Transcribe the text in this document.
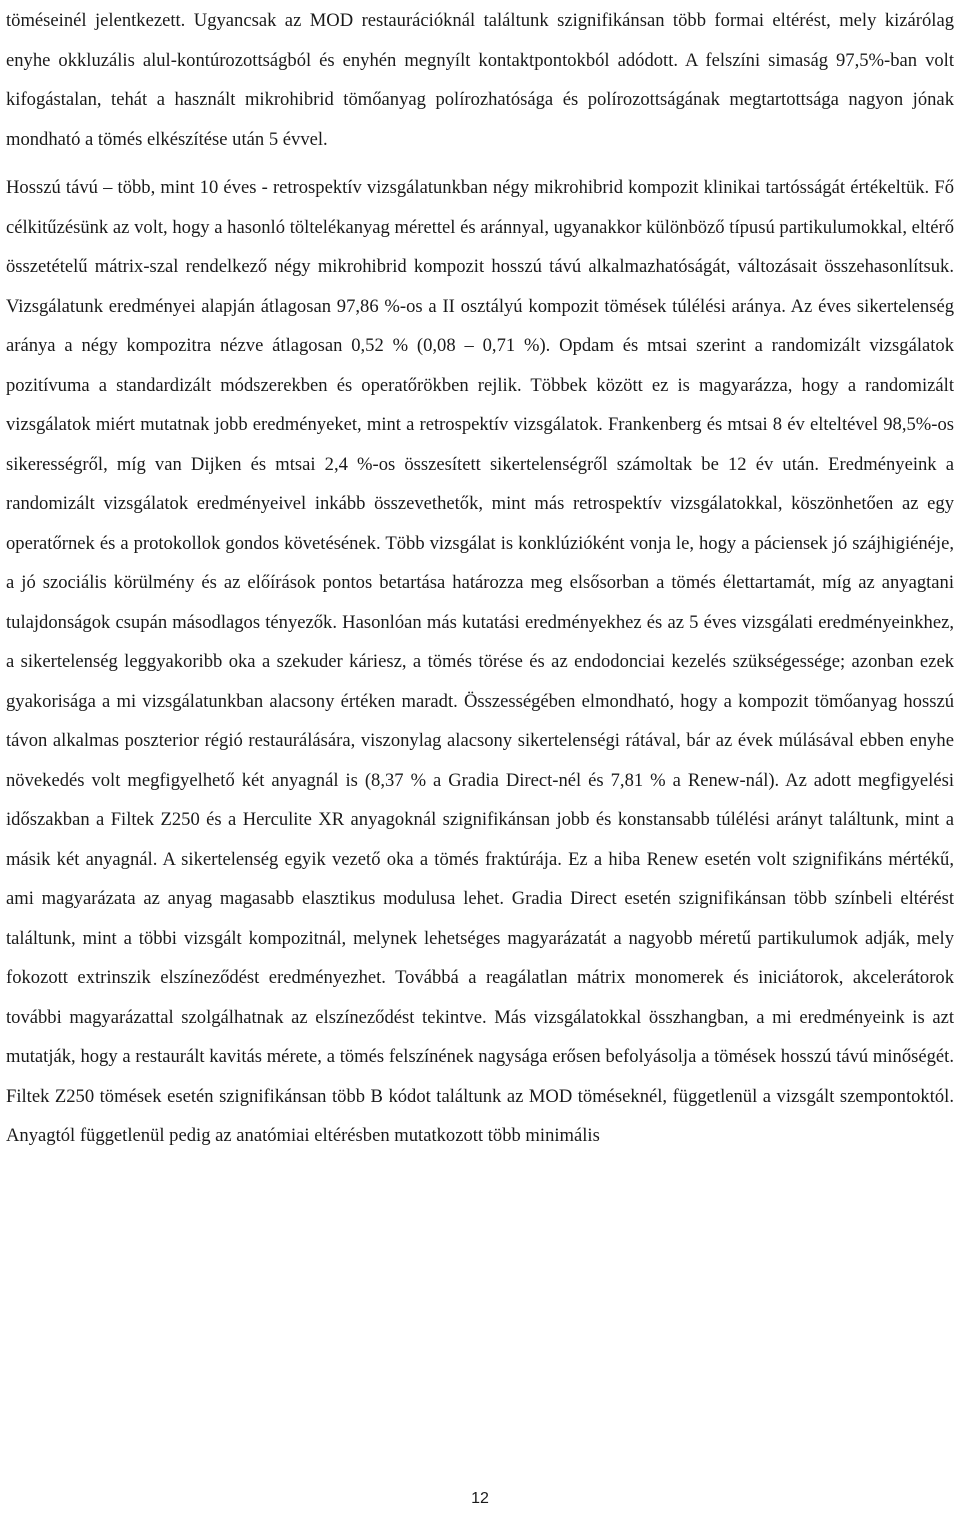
töméseinél jelentkezett. Ugyancsak az MOD restaurációknál találtunk szignifikánsan több formai eltérést, mely kizárólag enyhe okkluzális alul-kontúrozottságból és enyhén megnyílt kontaktpontokból adódott. A felszíni simaság 97,5%-ban volt kifogástalan, tehát a használt mikrohibrid tömőanyag polírozhatósága és polírozottságának megtartottsága nagyon jónak mondható a tömés elkészítése után 5 évvel.

Hosszú távú – több, mint 10 éves - retrospektív vizsgálatunkban négy mikrohibrid kompozit klinikai tartósságát értékeltük. Fő célkitűzésünk az volt, hogy a hasonló töltelékanyag mérettel és aránnyal, ugyanakkor különböző típusú partikulumokkal, eltérő összetételű mátrix-szal rendelkező négy mikrohibrid kompozit hosszú távú alkalmazhatóságát, változásait összehasonlítsuk. Vizsgálatunk eredményei alapján átlagosan 97,86 %-os a II osztályú kompozit tömések túlélési aránya. Az éves sikertelenség aránya a négy kompozitra nézve átlagosan 0,52 % (0,08 – 0,71 %). Opdam és mtsai szerint a randomizált vizsgálatok pozitívuma a standardizált módszerekben és operatőrökben rejlik. Többek között ez is magyarázza, hogy a randomizált vizsgálatok miért mutatnak jobb eredményeket, mint a retrospektív vizsgálatok. Frankenberg és mtsai 8 év elteltével 98,5%-os sikerességről, míg van Dijken és mtsai 2,4 %-os összesített sikertelenségről számoltak be 12 év után. Eredményeink a randomizált vizsgálatok eredményeivel inkább összevethetők, mint más retrospektív vizsgálatokkal, köszönhetően az egy operatőrnek és a protokollok gondos követésének. Több vizsgálat is konklúzióként vonja le, hogy a páciensek jó szájhigiénéje, a jó szociális körülmény és az előírások pontos betartása határozza meg elsősorban a tömés élettartamát, míg az anyagtani tulajdonságok csupán másodlagos tényezők. Hasonlóan más kutatási eredményekhez és az 5 éves vizsgálati eredményeinkhez, a sikertelenség leggyakoribb oka a szekuder káriesz, a tömés törése és az endodonciai kezelés szükségessége; azonban ezek gyakorisága a mi vizsgálatunkban alacsony értéken maradt. Összességében elmondható, hogy a kompozit tömőanyag hosszú távon alkalmas poszterior régió restaurálására, viszonylag alacsony sikertelenségi rátával, bár az évek múlásával ebben enyhe növekedés volt megfigyelhető két anyagnál is (8,37 % a Gradia Direct-nél és 7,81 % a Renew-nál). Az adott megfigyelési időszakban a Filtek Z250 és a Herculite XR anyagoknál szignifikánsan jobb és konstansabb túlélési arányt találtunk, mint a másik két anyagnál. A sikertelenség egyik vezető oka a tömés fraktúrája. Ez a hiba Renew esetén volt szignifikáns mértékű, ami magyarázata az anyag magasabb elasztikus modulusa lehet. Gradia Direct esetén szignifikánsan több színbeli eltérést találtunk, mint a többi vizsgált kompozitnál, melynek lehetséges magyarázatát a nagyobb méretű partikulumok adják, mely fokozott extrinszik elszíneződést eredményezhet. Továbbá a reagálatlan mátrix monomerek és iniciátorok, akcelerátorok további magyarázattal szolgálhatnak az elszíneződést tekintve. Más vizsgálatokkal összhangban, a mi eredményeink is azt mutatják, hogy a restaurált kavitás mérete, a tömés felszínének nagysága erősen befolyásolja a tömések hosszú távú minőségét. Filtek Z250 tömések esetén szignifikánsan több B kódot találtunk az MOD töméseknél, függetlenül a vizsgált szempontoktól. Anyagtól függetlenül pedig az anatómiai eltérésben mutatkozott több minimális

12
